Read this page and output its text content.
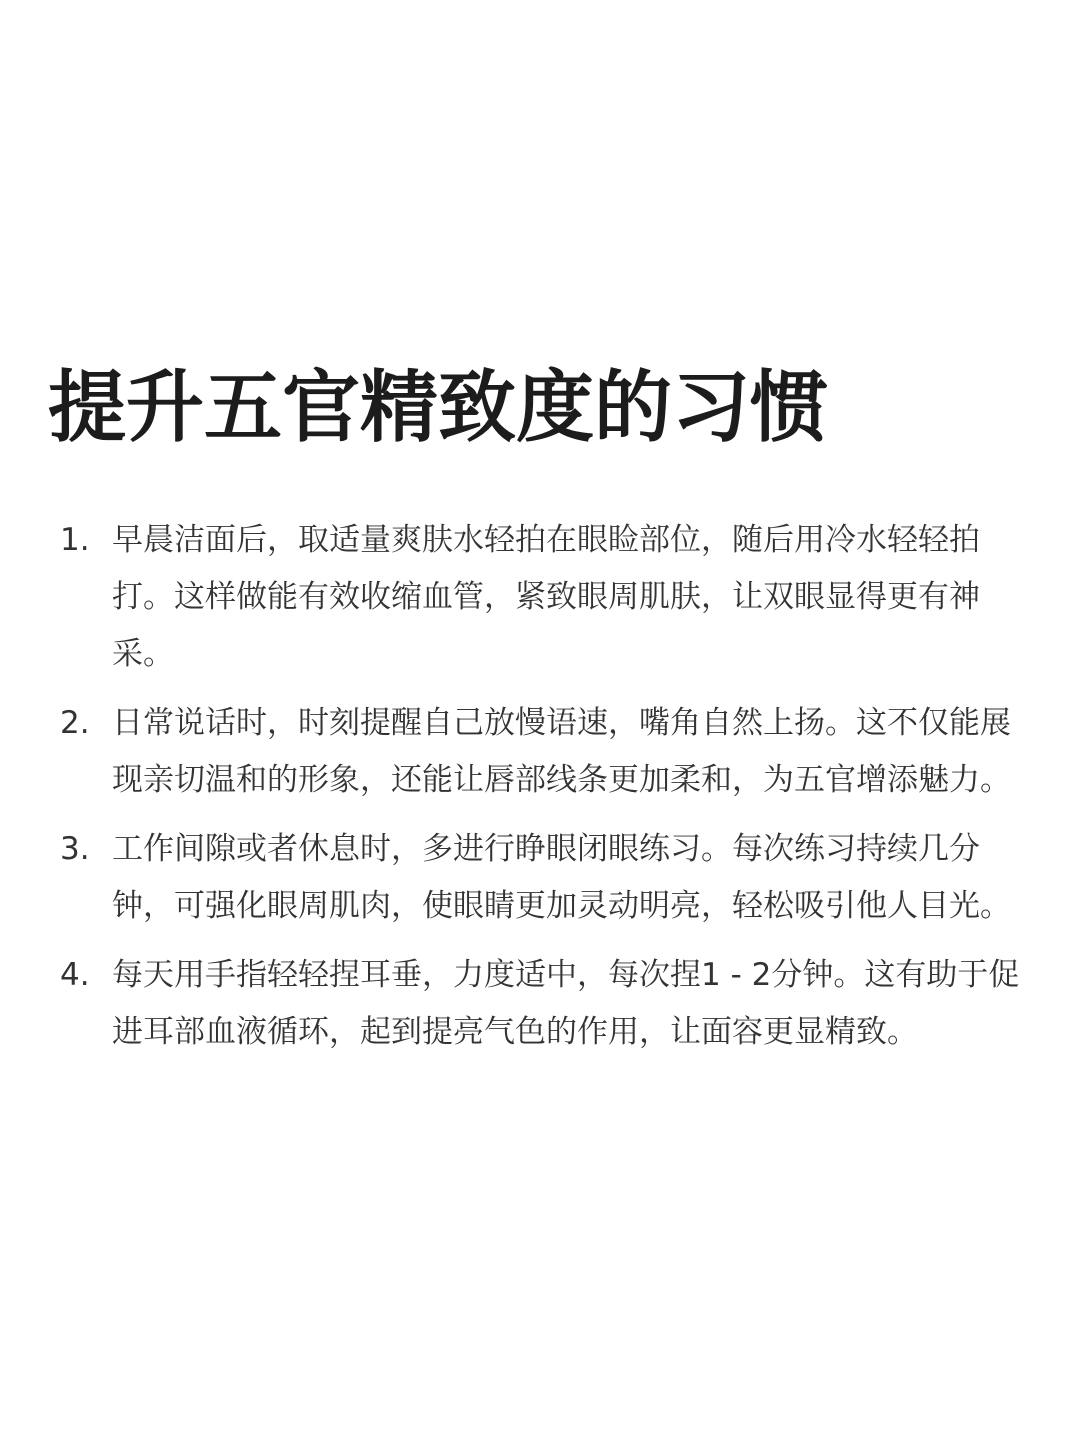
提升五官精致度的习惯
1. 早晨洁面后，取适量爽肤水轻拍在眼睑部位，随后用冷水轻轻拍打。这样做能有效收缩血管，紧致眼周肌肤，让双眼显得更有神采。
2. 日常说话时，时刻提醒自己放慢语速，嘴角自然上扬。这不仅能展现亲切温和的形象，还能让唇部线条更加柔和，为五官增添魅力。
3. 工作间隙或者休息时，多进行睁眼闭眼练习。每次练习持续几分钟，可强化眼周肌肉，使眼睛更加灵动明亮，轻松吸引他人目光。
4. 每天用手指轻轻捏耳垂，力度适中，每次捏1 - 2分钟。这有助于促进耳部血液循环，起到提亮气色的作用，让面容更显精致。
